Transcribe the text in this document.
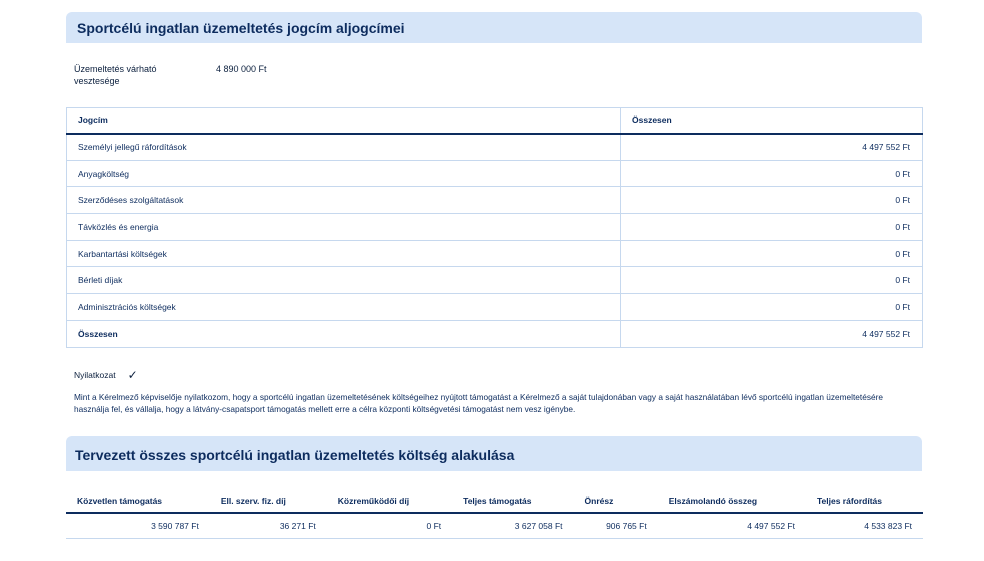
Sportcélú ingatlan üzemeltetés jogcím aljogcímei
Üzemeltetés várható vesztesége
4 890 000 Ft
Jogcím	Összesen
Személyi jellegű ráfordítások	4 497 552 Ft
Anyagköltség	0 Ft
Szerződéses szolgáltatások	0 Ft
Távközlés és energia	0 Ft
Karbantartási költségek	0 Ft
Bérleti díjak	0 Ft
Adminisztrációs költségek	0 Ft
Összesen	4 497 552 Ft
Nyilatkozat ✓
Mint a Kérelmező képviselője nyilatkozom, hogy a sportcélú ingatlan üzemeltetésének költségeihez nyújtott támogatást a Kérelmező a saját tulajdonában vagy a saját használatában lévő sportcélú ingatlan üzemeltetésére használja fel, és vállalja, hogy a látvány-csapatsport támogatás mellett erre a célra központi költségvetési támogatást nem vesz igénybe.
Tervezett összes sportcélú ingatlan üzemeltetés költség alakulása
Közvetlen támogatás	Ell. szerv. fiz. díj	Közreműködői díj	Teljes támogatás	Önrész	Elszámolandó összeg	Teljes ráfordítás
3 590 787 Ft	36 271 Ft	0 Ft	3 627 058 Ft	906 765 Ft	4 497 552 Ft	4 533 823 Ft
